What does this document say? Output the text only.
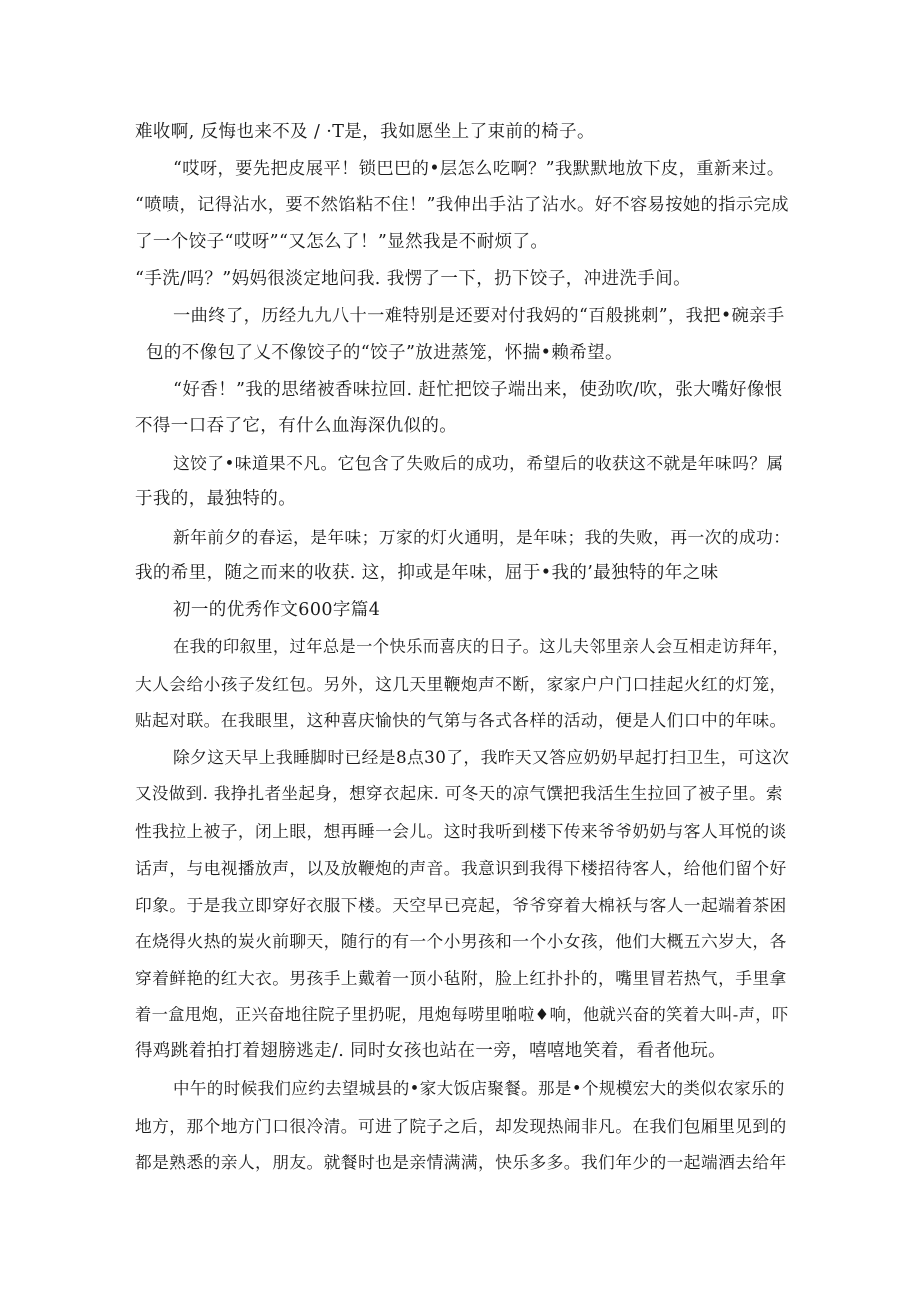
难收啊, 反悔也来不及 / ·T是，我如愿坐上了束前的椅子。
“哎呀，要先把皮展平！锁巴巴的•层怎么吃啊？”我默默地放下皮，重新来过。
“喷啧，记得沾水，要不然馅粘不住！”我伸出手沾了沾水。好不容易按她的指示完成
了一个饺子“哎呀”“又怎么了！”显然我是不耐烦了。
“手洗/吗？”妈妈很淡定地问我. 我愣了一下，扔下饺子，冲进洗手间。
一曲终了，历经九九八十一难特别是还要对付我妈的“百般挑刺”，我把•碗亲手
包的不像包了乂不像饺子的“饺子”放进蒸笼，怀揣•赖希望。
“好香！”我的思绪被香味拉回. 赶忙把饺子端出来，使劲吹/吹，张大嘴好像恨
不得一口吞了它，有什么血海深仇似的。
这饺了•味道果不凡。它包含了失败后的成功，希望后的收获这不就是年味吗？属
于我的，最独特的。
新年前夕的春运，是年味；万家的灯火通明，是年味；我的失败，再一次的成功：
我的希里，随之而来的收获. 这，抑或是年味，屈于•我的’最独特的年之味
初一的优秀作文600字篇4
在我的印叙里，过年总是一个快乐而喜庆的日子。这儿夫邻里亲人会互相走访拜年，
大人会给小孩子发红包。另外，这几天里鞭炮声不断，家家户户门口挂起火红的灯笼，
贴起对联。在我眼里，这种喜庆愉快的气第与各式各样的活动，便是人们口中的年味。
除夕这天早上我睡脚时已经是8点30了，我昨天又答应奶奶早起打扫卫生，可这次
又没做到. 我挣扎者坐起身，想穿衣起床. 可冬天的凉气馔把我活生生拉回了被子里。索
性我拉上被子，闭上眼，想再睡一会儿。这时我听到楼下传来爷爷奶奶与客人耳悦的谈
话声，与电视播放声，以及放鞭炮的声音。我意识到我得下楼招待客人，给他们留个好
印象。于是我立即穿好衣服下楼。天空早已亮起，爷爷穿着大棉袄与客人一起端着茶困
在烧得火热的炭火前聊天，随行的有一个小男孩和一个小女孩，他们大概五六岁大，各
穿着鲜艳的红大衣。男孩手上戴着一顶小毡附，脸上红扑扑的，嘴里冒若热气，手里拿
着一盒甩炮，正兴奋地往院子里扔呢，甩炮每唠里啪啦♦响，他就兴奋的笑着大叫-声，吓
得鸡跳着拍打着翅膀逃走/. 同时女孩也站在一旁，嘻嘻地笑着，看者他玩。
中午的时候我们应约去望城县的•家大饭店聚餐。那是•个规模宏大的类似农家乐的
地方，那个地方门口很冷清。可进了院子之后，却发现热闹非凡。在我们包厢里见到的
都是熟悉的亲人，朋友。就餐时也是亲情满满，快乐多多。我们年少的一起端酒去给年
